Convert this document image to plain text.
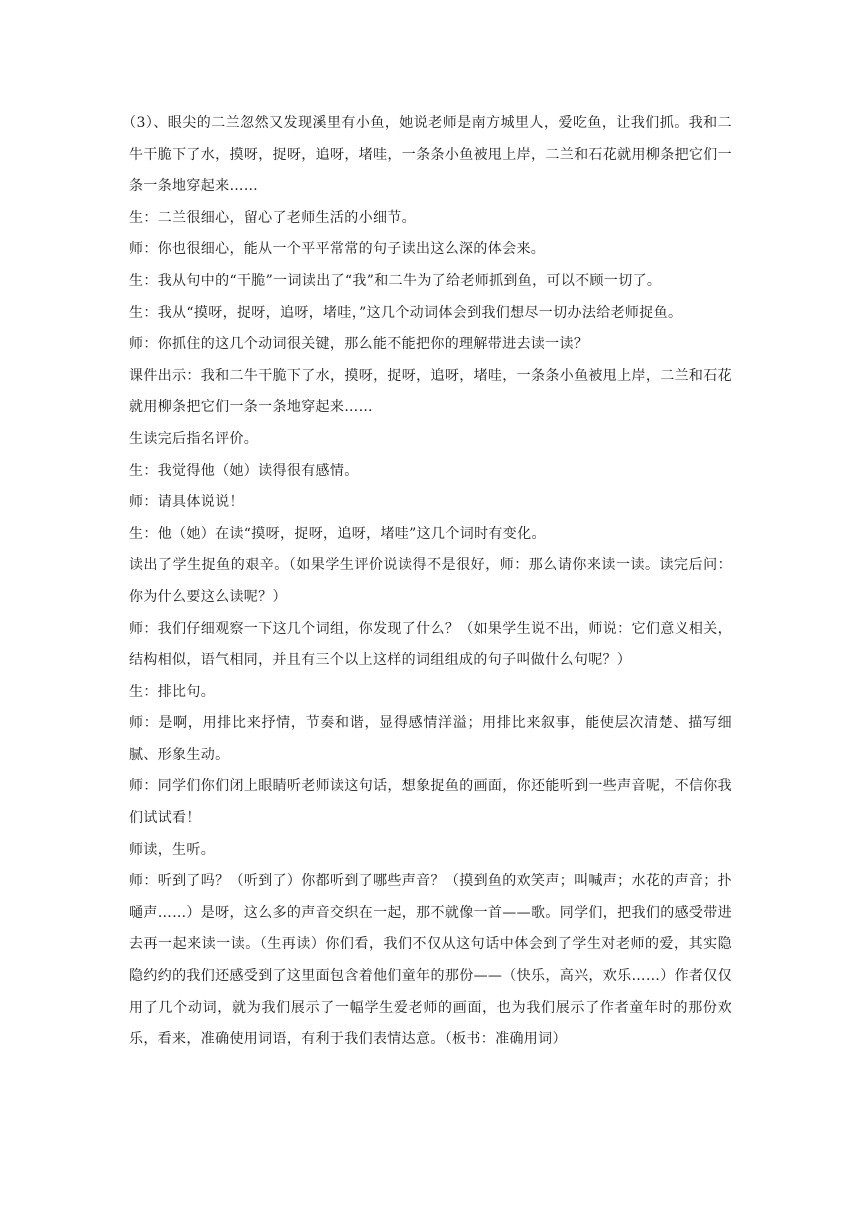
（3）、眼尖的二兰忽然又发现溪里有小鱼，她说老师是南方城里人，爱吃鱼，让我们抓。我和二牛干脆下了水，摸呀，捉呀，追呀，堵哇，一条条小鱼被甩上岸，二兰和石花就用柳条把它们一条一条地穿起来……

生：二兰很细心，留心了老师生活的小细节。

师：你也很细心，能从一个平平常常的句子读出这么深的体会来。

生：我从句中的“干脆”一词读出了“我”和二牛为了给老师抓到鱼，可以不顾一切了。

生：我从“摸呀，捉呀，追呀，堵哇，”这几个动词体会到我们想尽一切办法给老师捉鱼。

师：你抓住的这几个动词很关键，那么能不能把你的理解带进去读一读？

课件出示：我和二牛干脆下了水，摸呀，捉呀，追呀，堵哇，一条条小鱼被甩上岸，二兰和石花就用柳条把它们一条一条地穿起来……

生读完后指名评价。

生：我觉得他（她）读得很有感情。

师：请具体说说！

生：他（她）在读“摸呀，捉呀，追呀，堵哇”这几个词时有变化。

读出了学生捉鱼的艰辛。（如果学生评价说读得不是很好，师：那么请你来读一读。读完后问：你为什么要这么读呢？）

师：我们仔细观察一下这几个词组，你发现了什么？（如果学生说不出，师说：它们意义相关，结构相似，语气相同，并且有三个以上这样的词组组成的句子叫做什么句呢？）

生：排比句。

师：是啊，用排比来抒情，节奏和谐，显得感情洋溢；用排比来叙事，能使层次清楚、描写细腻、形象生动。

师：同学们你们闭上眼睛听老师读这句话，想象捉鱼的画面，你还能听到一些声音呢，不信你我们试试看！

师读，生听。

师：听到了吗？（听到了）你都听到了哪些声音？（摸到鱼的欢笑声；叫喊声；水花的声音；扑嗵声……）是呀，这么多的声音交织在一起，那不就像一首——歌。同学们，把我们的感受带进去再一起来读一读。（生再读）你们看，我们不仅从这句话中体会到了学生对老师的爱，其实隐隐约约的我们还感受到了这里面包含着他们童年的那份——（快乐，高兴，欢乐……）作者仅仅用了几个动词，就为我们展示了一幅学生爱老师的画面，也为我们展示了作者童年时的那份欢乐，看来，准确使用词语，有利于我们表情达意。（板书：准确用词）
